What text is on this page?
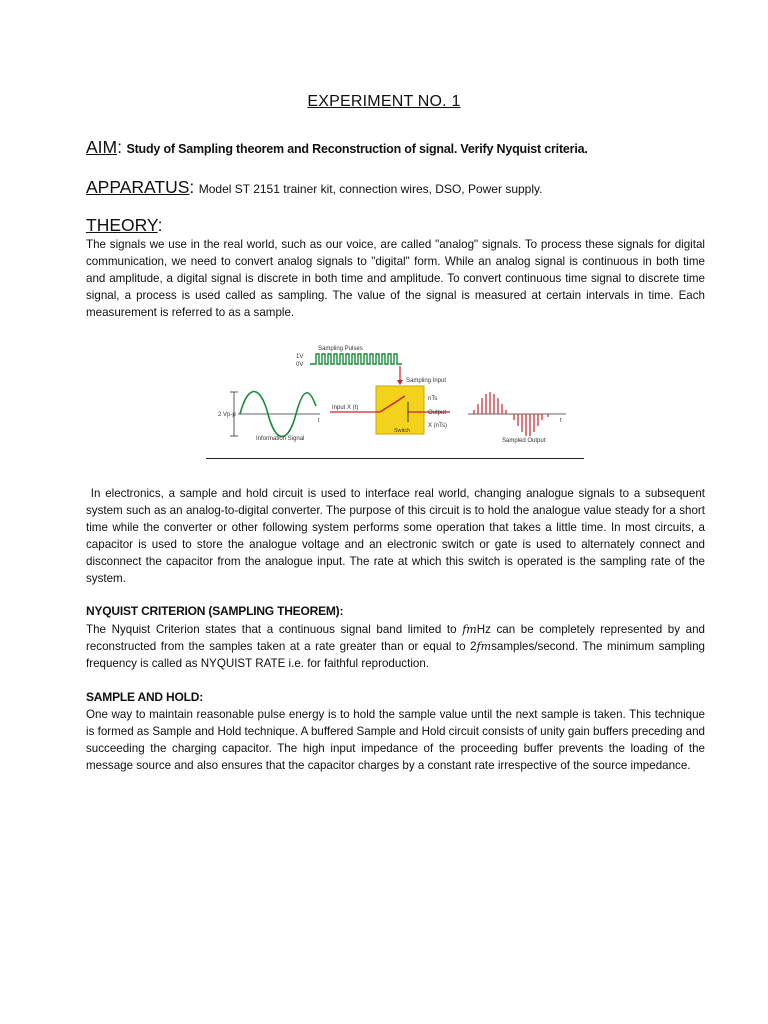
EXPERIMENT NO. 1
AIM: Study of Sampling theorem and Reconstruction of signal. Verify Nyquist criteria.
APPARATUS: Model ST 2151 trainer kit, connection wires, DSO, Power supply.
THEORY:

The signals we use in the real world, such as our voice, are called "analog" signals. To process these signals for digital communication, we need to convert analog signals to "digital" form. While an analog signal is continuous in both time and amplitude, a digital signal is discrete in both time and amplitude. To convert continuous time signal to discrete time signal, a process is used called as sampling. The value of the signal is measured at certain intervals in time. Each measurement is referred to as a sample.

Sampling Pulses
1V
0V
Sampling Input
Switch
Input X (t)
nTs
Output
X (nTs)
2 Vp-p
t
Information Signal
t
Sampled Output

In electronics, a sample and hold circuit is used to interface real world, changing analogue signals to a subsequent system such as an analog-to-digital converter. The purpose of this circuit is to hold the analogue value steady for a short time while the converter or other following system performs some operation that takes a little time. In most circuits, a capacitor is used to store the analogue voltage and an electronic switch or gate is used to alternately connect and disconnect the capacitor from the analogue input. The rate at which this switch is operated is the sampling rate of the system.

NYQUIST CRITERION (SAMPLING THEOREM):

The Nyquist Criterion states that a continuous signal band limited to fmHz can be completely represented by and reconstructed from the samples taken at a rate greater than or equal to 2fmsamples/second. The minimum sampling frequency is called as NYQUIST RATE i.e. for faithful reproduction.

SAMPLE AND HOLD:

One way to maintain reasonable pulse energy is to hold the sample value until the next sample is taken. This technique is formed as Sample and Hold technique. A buffered Sample and Hold circuit consists of unity gain buffers preceding and succeeding the charging capacitor. The high input impedance of the proceeding buffer prevents the loading of the message source and also ensures that the capacitor charges by a constant rate irrespective of the source impedance.
